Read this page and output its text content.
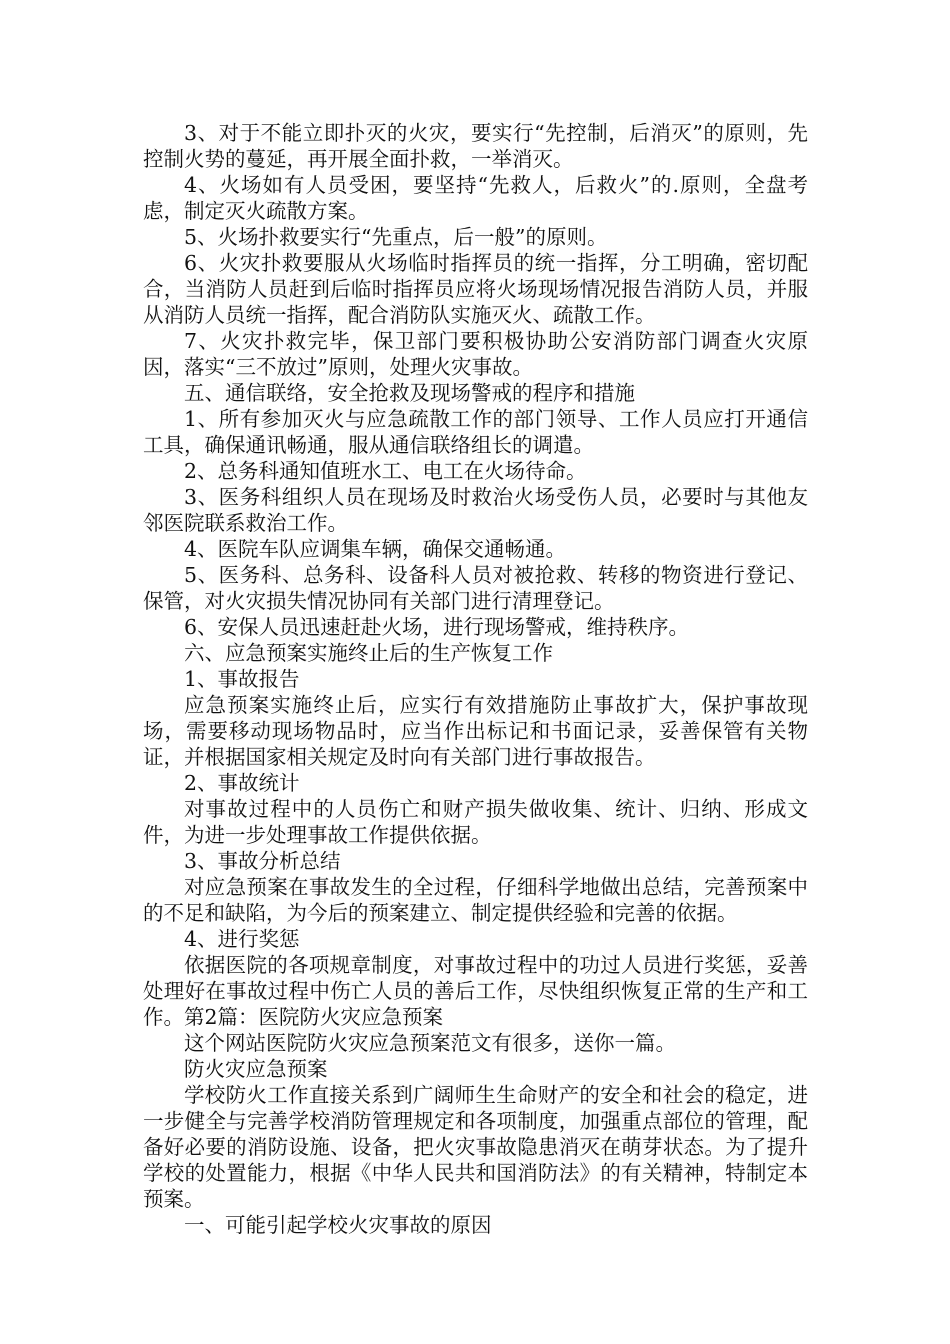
3、对于不能立即扑灭的火灾，要实行“先控制，后消灭”的原则，先控制火势的蔓延，再开展全面扑救，一举消灭。

4、火场如有人员受困，要坚持“先救人，后救火”的.原则，全盘考虑，制定灭火疏散方案。

5、火场扑救要实行“先重点，后一般”的原则。

6、火灾扑救要服从火场临时指挥员的统一指挥，分工明确，密切配合，当消防人员赶到后临时指挥员应将火场现场情况报告消防人员，并服从消防人员统一指挥，配合消防队实施灭火、疏散工作。

7、火灾扑救完毕，保卫部门要积极协助公安消防部门调查火灾原因，落实“三不放过”原则，处理火灾事故。

五、通信联络，安全抢救及现场警戒的程序和措施

1、所有参加灭火与应急疏散工作的部门领导、工作人员应打开通信工具，确保通讯畅通，服从通信联络组长的调遣。

2、总务科通知值班水工、电工在火场待命。

3、医务科组织人员在现场及时救治火场受伤人员，必要时与其他友邻医院联系救治工作。

4、医院车队应调集车辆，确保交通畅通。

5、医务科、总务科、设备科人员对被抢救、转移的物资进行登记、保管，对火灾损失情况协同有关部门进行清理登记。

6、安保人员迅速赶赴火场，进行现场警戒，维持秩序。

六、应急预案实施终止后的生产恢复工作

1、事故报告

应急预案实施终止后，应实行有效措施防止事故扩大，保护事故现场，需要移动现场物品时，应当作出标记和书面记录，妥善保管有关物证，并根据国家相关规定及时向有关部门进行事故报告。

2、事故统计

对事故过程中的人员伤亡和财产损失做收集、统计、归纳、形成文件，为进一步处理事故工作提供依据。

3、事故分析总结

对应急预案在事故发生的全过程，仔细科学地做出总结，完善预案中的不足和缺陷，为今后的预案建立、制定提供经验和完善的依据。

4、进行奖惩

依据医院的各项规章制度，对事故过程中的功过人员进行奖惩，妥善处理好在事故过程中伤亡人员的善后工作，尽快组织恢复正常的生产和工作。第2篇：医院防火灾应急预案

这个网站医院防火灾应急预案范文有很多，送你一篇。

防火灾应急预案

学校防火工作直接关系到广阔师生生命财产的安全和社会的稳定，进一步健全与完善学校消防管理规定和各项制度，加强重点部位的管理，配备好必要的消防设施、设备，把火灾事故隐患消灭在萌芽状态。为了提升学校的处置能力，根据《中华人民共和国消防法》的有关精神，特制定本预案。

一、可能引起学校火灾事故的原因
